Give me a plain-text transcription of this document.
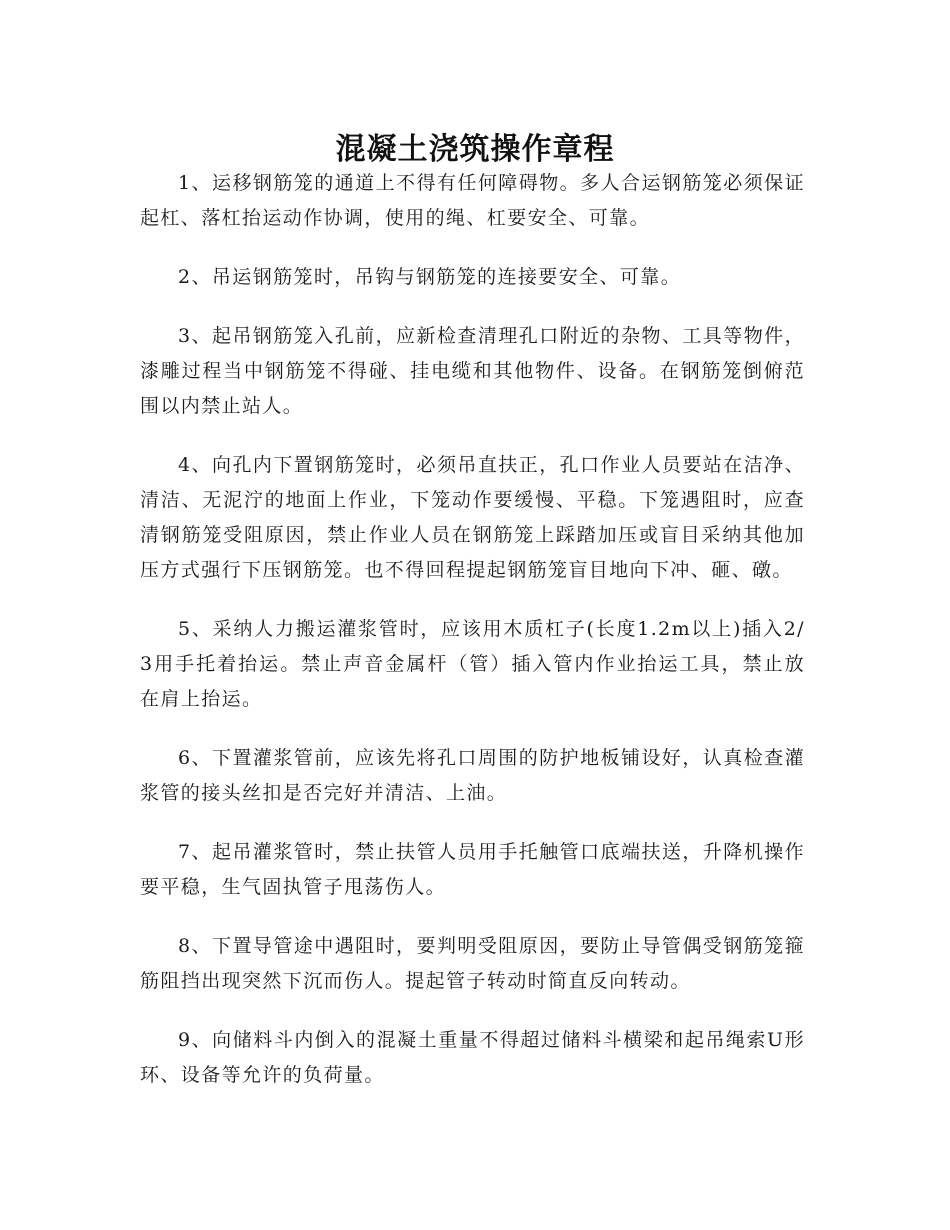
混凝土浇筑操作章程

1、运移钢筋笼的通道上不得有任何障碍物。多人合运钢筋笼必须保证起杠、落杠抬运动作协调，使用的绳、杠要安全、可靠。

2、吊运钢筋笼时，吊钩与钢筋笼的连接要安全、可靠。

3、起吊钢筋笼入孔前，应新检查清理孔口附近的杂物、工具等物件，漆雕过程当中钢筋笼不得碰、挂电缆和其他物件、设备。在钢筋笼倒俯范围以内禁止站人。

4、向孔内下置钢筋笼时，必须吊直扶正，孔口作业人员要站在洁净、清洁、无泥泞的地面上作业，下笼动作要缓慢、平稳。下笼遇阻时，应查清钢筋笼受阻原因，禁止作业人员在钢筋笼上踩踏加压或盲目采纳其他加压方式强行下压钢筋笼。也不得回程提起钢筋笼盲目地向下冲、砸、礅。

5、采纳人力搬运灌浆管时，应该用木质杠子(长度1.2m以上)插入2/3用手托着抬运。禁止声音金属杆（管）插入管内作业抬运工具，禁止放在肩上抬运。

6、下置灌浆管前，应该先将孔口周围的防护地板铺设好，认真检查灌浆管的接头丝扣是否完好并清洁、上油。

7、起吊灌浆管时，禁止扶管人员用手托触管口底端扶送，升降机操作要平稳，生气固执管子甩荡伤人。

8、下置导管途中遇阻时，要判明受阻原因，要防止导管偶受钢筋笼箍筋阻挡出现突然下沉而伤人。提起管子转动时简直反向转动。

9、向储料斗内倒入的混凝土重量不得超过储料斗横梁和起吊绳索U形环、设备等允许的负荷量。
